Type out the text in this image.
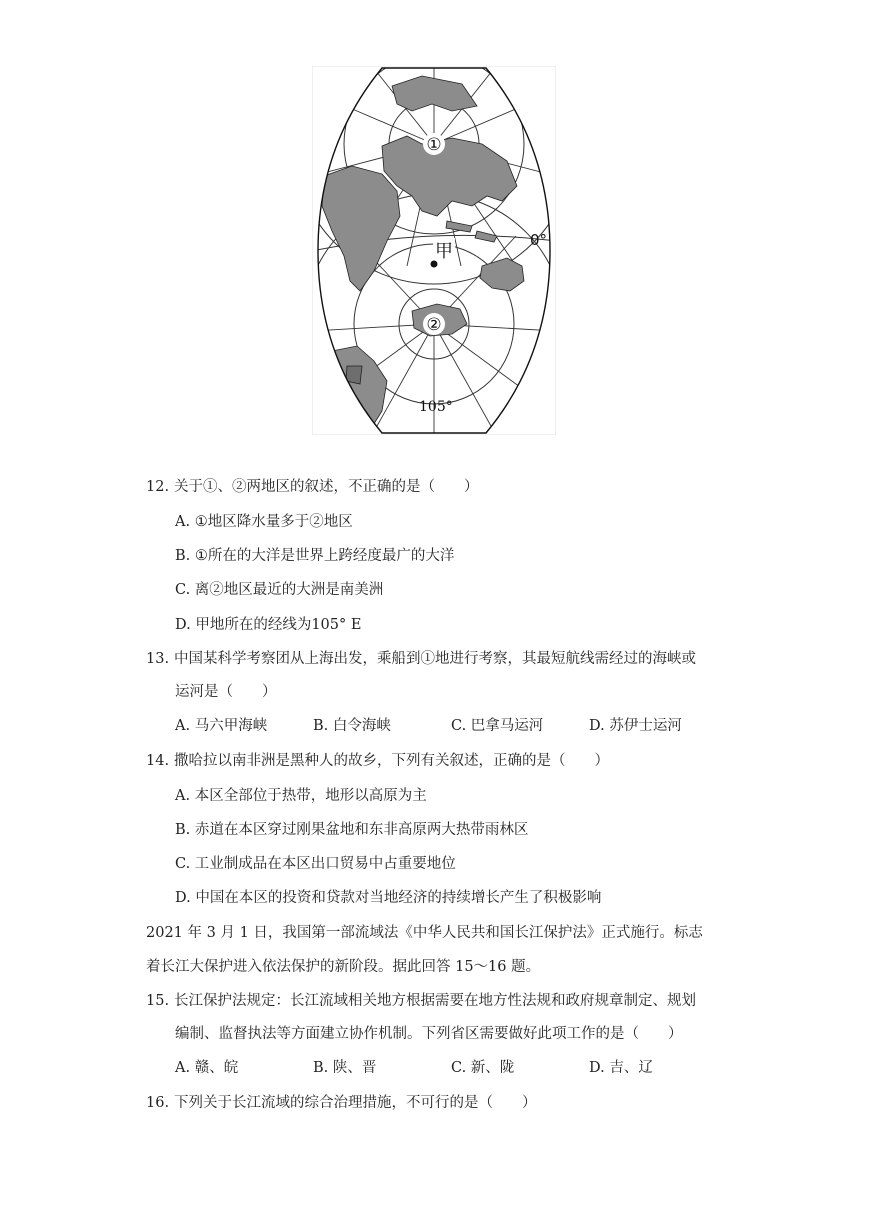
①
②
甲
0°
105°
12. 关于①、②两地区的叙述，不正确的是（　　）
A. ①地区降水量多于②地区
B. ①所在的大洋是世界上跨经度最广的大洋
C. 离②地区最近的大洲是南美洲
D. 甲地所在的经线为105° E
13. 中国某科学考察团从上海出发，乘船到①地进行考察，其最短航线需经过的海峡或
运河是（　　）
A. 马六甲海峡	B. 白令海峡	C. 巴拿马运河	D. 苏伊士运河
14. 撒哈拉以南非洲是黑种人的故乡，下列有关叙述，正确的是（　　）
A. 本区全部位于热带，地形以高原为主
B. 赤道在本区穿过刚果盆地和东非高原两大热带雨林区
C. 工业制成品在本区出口贸易中占重要地位
D. 中国在本区的投资和贷款对当地经济的持续增长产生了积极影响
2021 年 3 月 1 日，我国第一部流域法《中华人民共和国长江保护法》正式施行。标志
着长江大保护进入依法保护的新阶段。据此回答 15～16 题。
15. 长江保护法规定：长江流域相关地方根据需要在地方性法规和政府规章制定、规划
编制、监督执法等方面建立协作机制。下列省区需要做好此项工作的是（　　）
A. 赣、皖	B. 陕、晋	C. 新、陇	D. 吉、辽
16. 下列关于长江流域的综合治理措施，不可行的是（　　）
